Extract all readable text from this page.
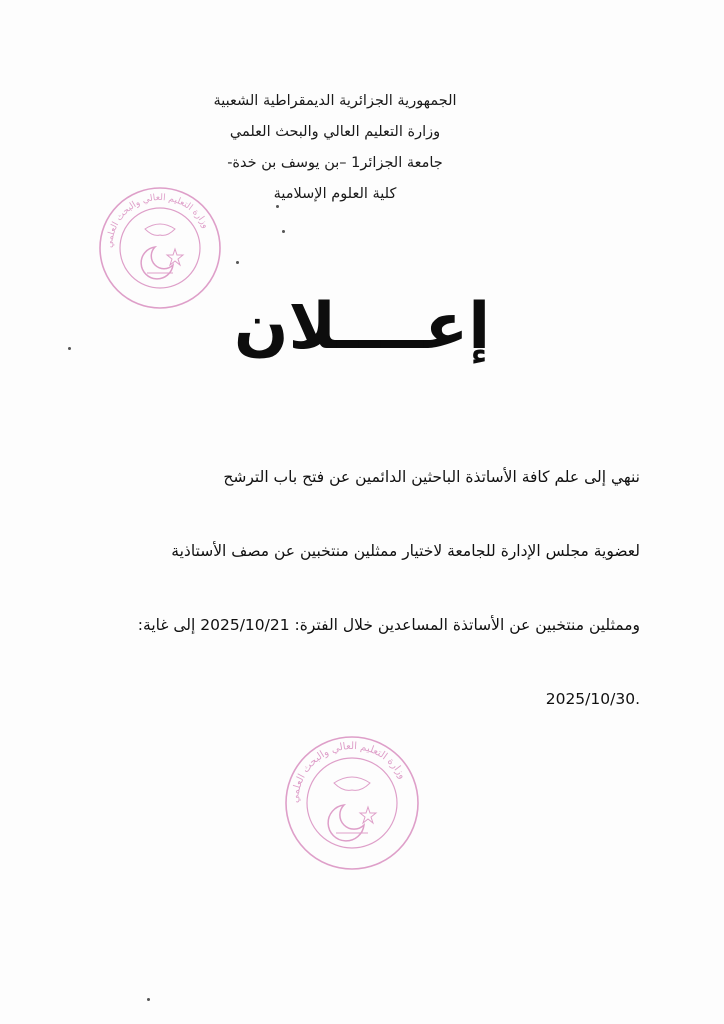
الجمهورية الجزائرية الديمقراطية الشعبية
وزارة التعليم العالي والبحث العلمي
جامعة الجزائر1 –بن يوسف بن خدة-
كلية العلوم الإسلامية
وزارة التعليم العالي والبحث العلمي
إعــــلان
ننهي إلى علم كافة الأساتذة الباحثين الدائمين عن فتح باب الترشح
لعضوية مجلس الإدارة للجامعة لاختيار ممثلين منتخبين عن مصف الأستاذية
وممثلين منتخبين عن الأساتذة المساعدين خلال الفترة: 2025/10/21 إلى غاية:
.2025/10/30
وزارة التعليم العالي والبحث العلمي
